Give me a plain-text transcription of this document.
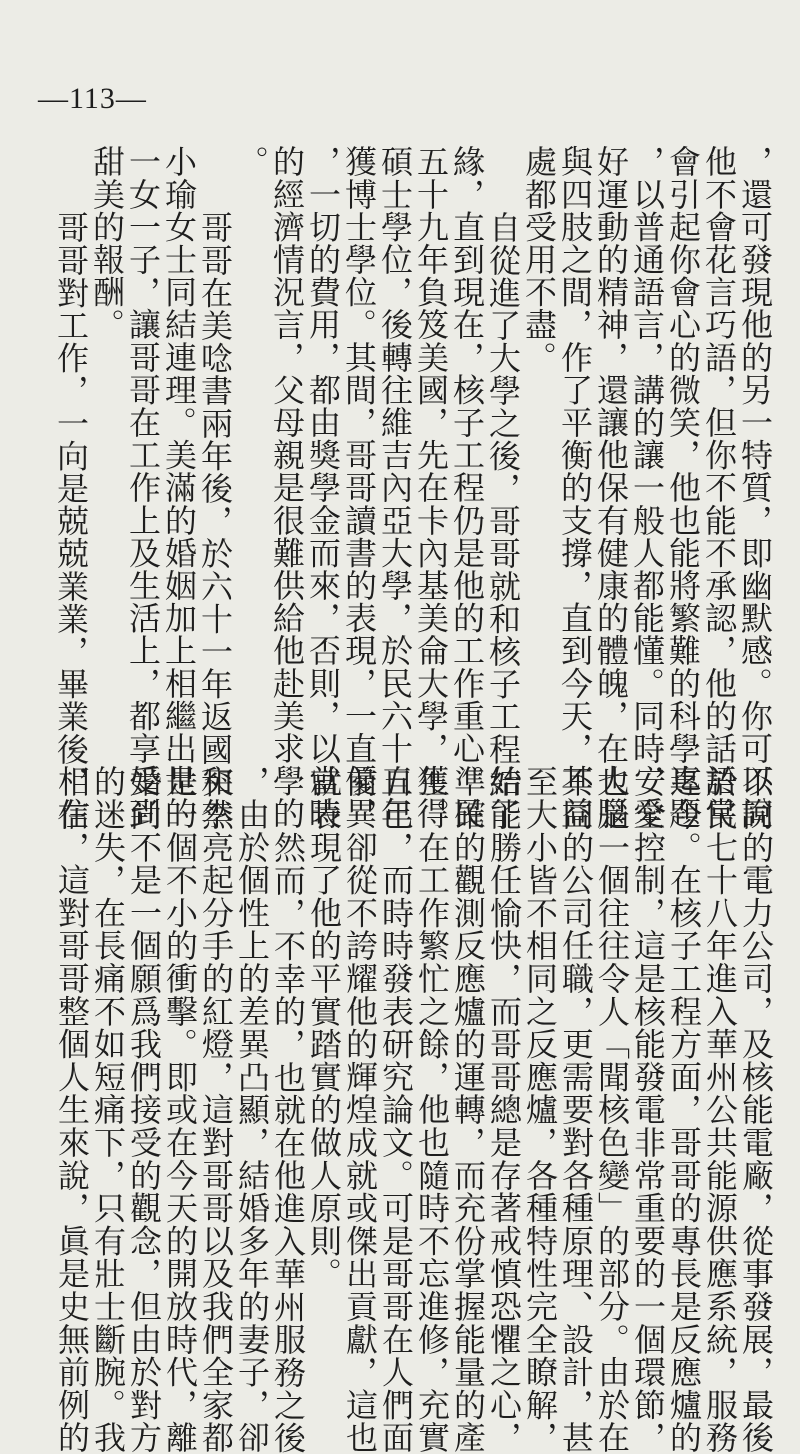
—113—
，還可發現他的另一特質，即幽默感。你可以說
他不會花言巧語，但你不能不承認，他的話語常
會引起你會心的微笑，他也能將繁難的科學專題
，以普通語言，講的讓一般人都能懂。同時，愛
好運動的精神，還讓他保有健康的體魄，在大腦
與四肢之間，作了平衡的支撐，直到今天，其益
處都受用不盡。
自從進了大學之後，哥哥就和核子工程結了
緣，直到現在，核子工程仍是他的工作重心。民
五十九年負笈美國，先在卡內基美侖大學，獲得
碩士學位，後轉往維吉內亞大學，於民六十五年
獲博士學位。其間，哥哥讀書的表現，一直優異
，一切的費用，都由獎學金而來，否則，以當時
的經濟情況言，父母親是很難供給他赴美求學的
。
哥哥在美唸書兩年後，於六十一年返國和李
小瑜女士同結連理。美滿的婚姻加上相繼出世的
一女一子，讓哥哥在工作上及生活上，都享受到
甜美的報酬。
哥哥對工作，一向是兢兢業業，畢業後，在
不同的電力公司，及核能電廠，從事發展，最後
於民七十八年進入華州公共能源供應系統，服務
迄今。在核子工程方面，哥哥的專長是反應爐的
安全控制，這是核能發電非常重要的一個環節，
也是一個往往令人「聞核色變」的部分。由於在
不同的公司任職，更需要對各種原理、設計，甚
至大小皆不相同之反應爐，各種特性完全瞭解，
始能勝任愉快，而哥哥總是存著戒慎恐懼之心，
準確的觀測反應爐的運轉，而充份掌握能量的產
生。在工作繁忙之餘，他也隨時不忘進修，充實
自己，而時時發表研究論文。可是哥哥在人們面
前，卻從不誇耀他的輝煌成就或傑出貢獻，這也
就表現了他的平實踏實的做人原則。
然而，不幸的，也就在他進入華州服務之後
，由於個性上的差異凸顯，結婚多年的妻子，卻
突然亮起分手的紅燈，這對哥哥以及我們全家都
是一個不小的衝擊。即或在今天的開放時代，離
婚尚不是一個願爲我們接受的觀念，但由於對方
的迷失，在長痛不如短痛下，只有壯士斷腕。我
相信，這對哥哥整個人生來說，眞是史無前例的
